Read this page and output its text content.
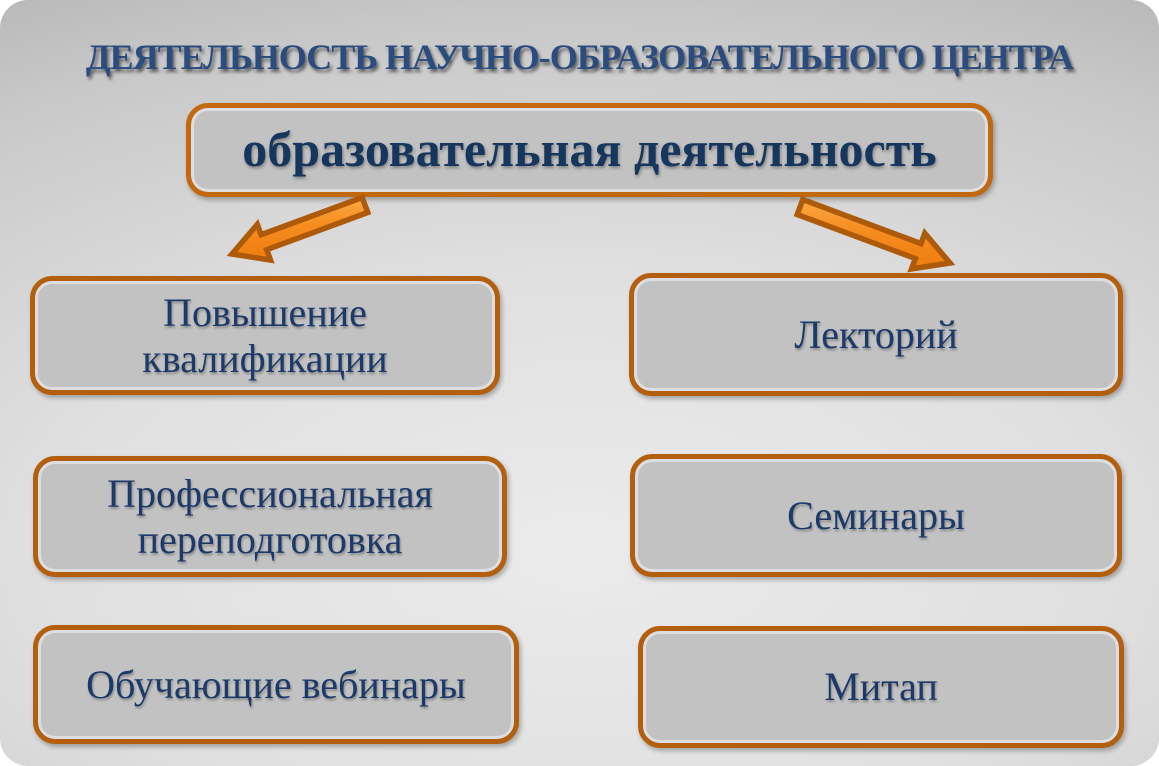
ДЕЯТЕЛЬНОСТЬ НАУЧНО-ОБРАЗОВАТЕЛЬНОГО ЦЕНТРА
образовательная деятельность
Повышение квалификации
Профессиональная переподготовка
Обучающие вебинары
Лекторий
Семинары
Митап
